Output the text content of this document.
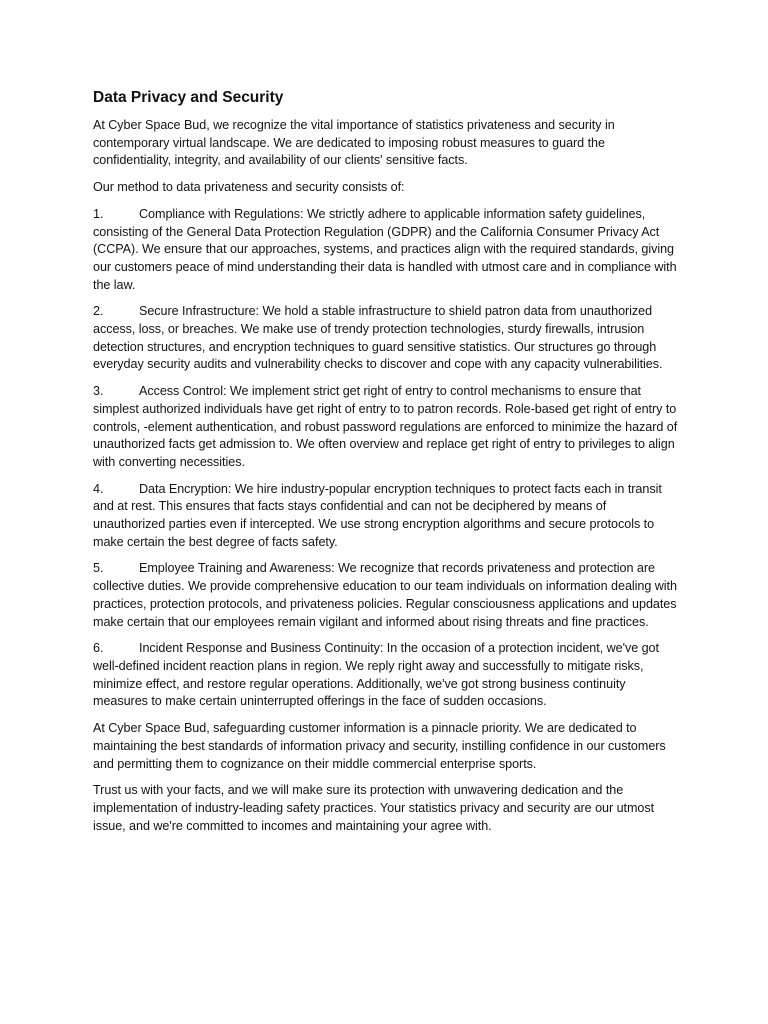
Data Privacy and Security

At Cyber Space Bud, we recognize the vital importance of statistics privateness and security in contemporary virtual landscape. We are dedicated to imposing robust measures to guard the confidentiality, integrity, and availability of our clients' sensitive facts.

Our method to data privateness and security consists of:

1.	Compliance with Regulations: We strictly adhere to applicable information safety guidelines, consisting of the General Data Protection Regulation (GDPR) and the California Consumer Privacy Act (CCPA). We ensure that our approaches, systems, and practices align with the required standards, giving our customers peace of mind understanding their data is handled with utmost care and in compliance with the law.

2.	Secure Infrastructure: We hold a stable infrastructure to shield patron data from unauthorized access, loss, or breaches. We make use of trendy protection technologies, sturdy firewalls, intrusion detection structures, and encryption techniques to guard sensitive statistics. Our structures go through everyday security audits and vulnerability checks to discover and cope with any capacity vulnerabilities.

3.	Access Control: We implement strict get right of entry to control mechanisms to ensure that simplest authorized individuals have get right of entry to to patron records. Role-based get right of entry to controls, -element authentication, and robust password regulations are enforced to minimize the hazard of unauthorized facts get admission to. We often overview and replace get right of entry to privileges to align with converting necessities.

4.	Data Encryption: We hire industry-popular encryption techniques to protect facts each in transit and at rest. This ensures that facts stays confidential and can not be deciphered by means of unauthorized parties even if intercepted. We use strong encryption algorithms and secure protocols to make certain the best degree of facts safety.

5.	Employee Training and Awareness: We recognize that records privateness and protection are collective duties. We provide comprehensive education to our team individuals on information dealing with practices, protection protocols, and privateness policies. Regular consciousness applications and updates make certain that our employees remain vigilant and informed about rising threats and fine practices.

6.	Incident Response and Business Continuity: In the occasion of a protection incident, we've got well-defined incident reaction plans in region. We reply right away and successfully to mitigate risks, minimize effect, and restore regular operations. Additionally, we've got strong business continuity measures to make certain uninterrupted offerings in the face of sudden occasions.

At Cyber Space Bud, safeguarding customer information is a pinnacle priority. We are dedicated to maintaining the best standards of information privacy and security, instilling confidence in our customers and permitting them to cognizance on their middle commercial enterprise sports.

Trust us with your facts, and we will make sure its protection with unwavering dedication and the implementation of industry-leading safety practices. Your statistics privacy and security are our utmost issue, and we're committed to incomes and maintaining your agree with.
